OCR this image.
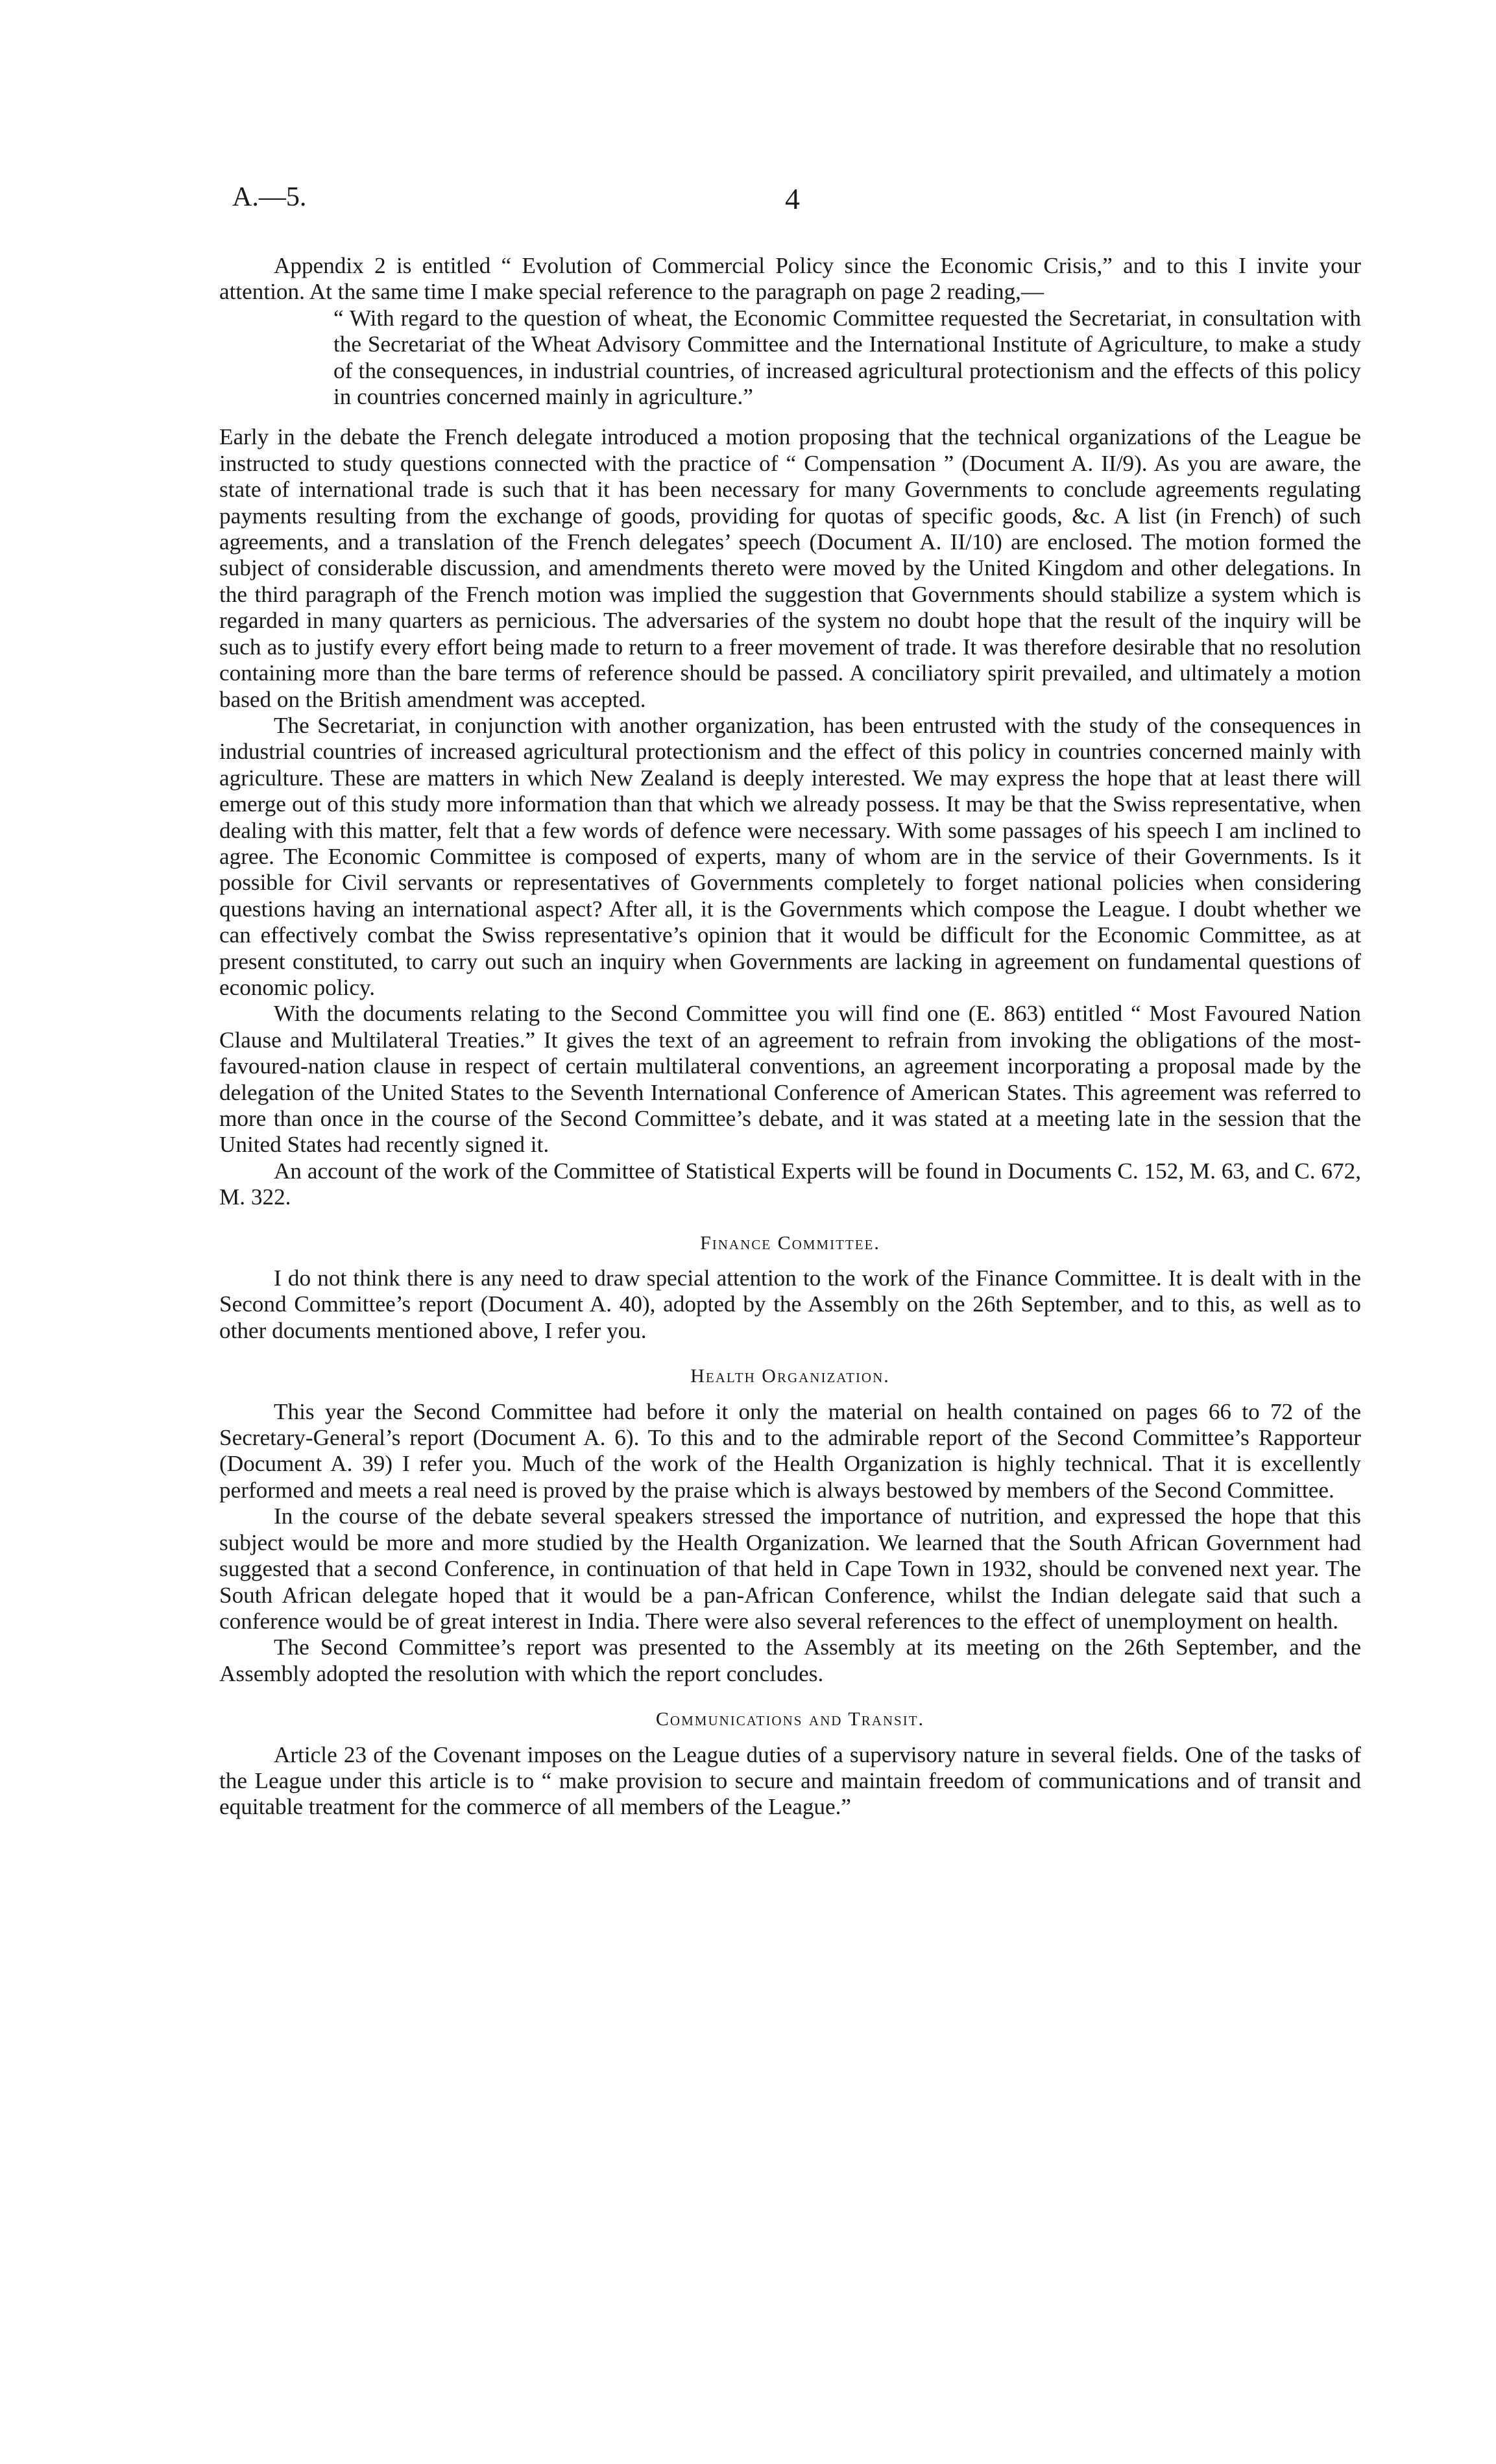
A.—5.	4

Appendix 2 is entitled “ Evolution of Commercial Policy since the Economic Crisis,” and to this I invite your attention. At the same time I make special reference to the paragraph on page 2 reading,—

“ With regard to the question of wheat, the Economic Committee requested the Secretariat, in consultation with the Secretariat of the Wheat Advisory Committee and the International Institute of Agriculture, to make a study of the consequences, in industrial countries, of increased agricultural protectionism and the effects of this policy in countries concerned mainly in agriculture.”

Early in the debate the French delegate introduced a motion proposing that the technical organizations of the League be instructed to study questions connected with the practice of “ Compensation ” (Document A. II/9). As you are aware, the state of international trade is such that it has been necessary for many Governments to conclude agreements regulating payments resulting from the exchange of goods, providing for quotas of specific goods, &c. A list (in French) of such agreements, and a translation of the French delegates’ speech (Document A. II/10) are enclosed. The motion formed the subject of considerable discussion, and amendments thereto were moved by the United Kingdom and other delegations. In the third paragraph of the French motion was implied the suggestion that Governments should stabilize a system which is regarded in many quarters as pernicious. The adversaries of the system no doubt hope that the result of the inquiry will be such as to justify every effort being made to return to a freer movement of trade. It was therefore desirable that no resolution containing more than the bare terms of reference should be passed. A conciliatory spirit prevailed, and ultimately a motion based on the British amendment was accepted.

The Secretariat, in conjunction with another organization, has been entrusted with the study of the consequences in industrial countries of increased agricultural protectionism and the effect of this policy in countries concerned mainly with agriculture. These are matters in which New Zealand is deeply interested. We may express the hope that at least there will emerge out of this study more information than that which we already possess. It may be that the Swiss representative, when dealing with this matter, felt that a few words of defence were necessary. With some passages of his speech I am inclined to agree. The Economic Committee is composed of experts, many of whom are in the service of their Governments. Is it possible for Civil servants or representatives of Governments completely to forget national policies when considering questions having an international aspect? After all, it is the Governments which compose the League. I doubt whether we can effectively combat the Swiss representative’s opinion that it would be difficult for the Economic Committee, as at present constituted, to carry out such an inquiry when Governments are lacking in agreement on fundamental questions of economic policy.

With the documents relating to the Second Committee you will find one (E. 863) entitled “ Most Favoured Nation Clause and Multilateral Treaties.” It gives the text of an agreement to refrain from invoking the obligations of the most-favoured-nation clause in respect of certain multilateral conventions, an agreement incorporating a proposal made by the delegation of the United States to the Seventh International Conference of American States. This agreement was referred to more than once in the course of the Second Committee’s debate, and it was stated at a meeting late in the session that the United States had recently signed it.

An account of the work of the Committee of Statistical Experts will be found in Documents C. 152, M. 63, and C. 672, M. 322.

Finance Committee.

I do not think there is any need to draw special attention to the work of the Finance Committee. It is dealt with in the Second Committee’s report (Document A. 40), adopted by the Assembly on the 26th September, and to this, as well as to other documents mentioned above, I refer you.

Health Organization.

This year the Second Committee had before it only the material on health contained on pages 66 to 72 of the Secretary-General’s report (Document A. 6). To this and to the admirable report of the Second Committee’s Rapporteur (Document A. 39) I refer you. Much of the work of the Health Organization is highly technical. That it is excellently performed and meets a real need is proved by the praise which is always bestowed by members of the Second Committee.

In the course of the debate several speakers stressed the importance of nutrition, and expressed the hope that this subject would be more and more studied by the Health Organization. We learned that the South African Government had suggested that a second Conference, in continuation of that held in Cape Town in 1932, should be convened next year. The South African delegate hoped that it would be a pan-African Conference, whilst the Indian delegate said that such a conference would be of great interest in India. There were also several references to the effect of unemployment on health.

The Second Committee’s report was presented to the Assembly at its meeting on the 26th September, and the Assembly adopted the resolution with which the report concludes.

Communications and Transit.

Article 23 of the Covenant imposes on the League duties of a supervisory nature in several fields. One of the tasks of the League under this article is to “ make provision to secure and maintain freedom of communications and of transit and equitable treatment for the commerce of all members of the League.”
